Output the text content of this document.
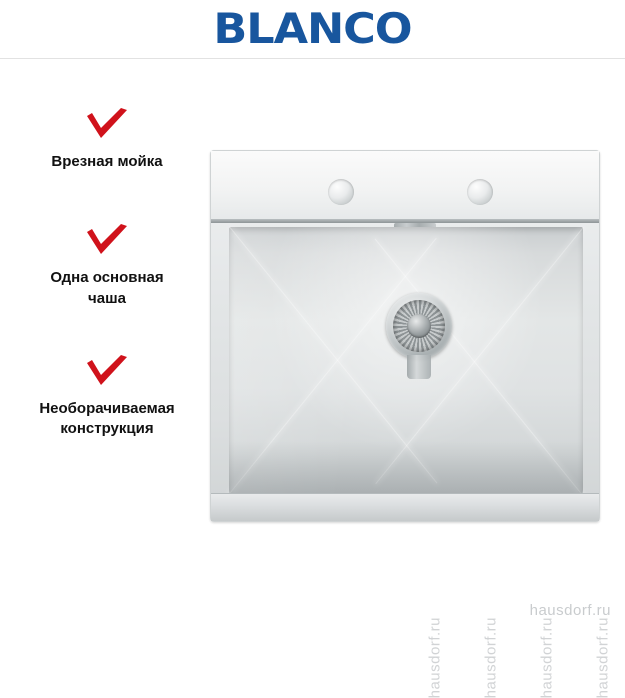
BLANCO
Врезная мойка
Одна основная
чаша
Необорачиваемая
конструкция
hausdorf.ru
hausdorf.ru
hausdorf.ru
hausdorf.ru
hausdorf.ru
